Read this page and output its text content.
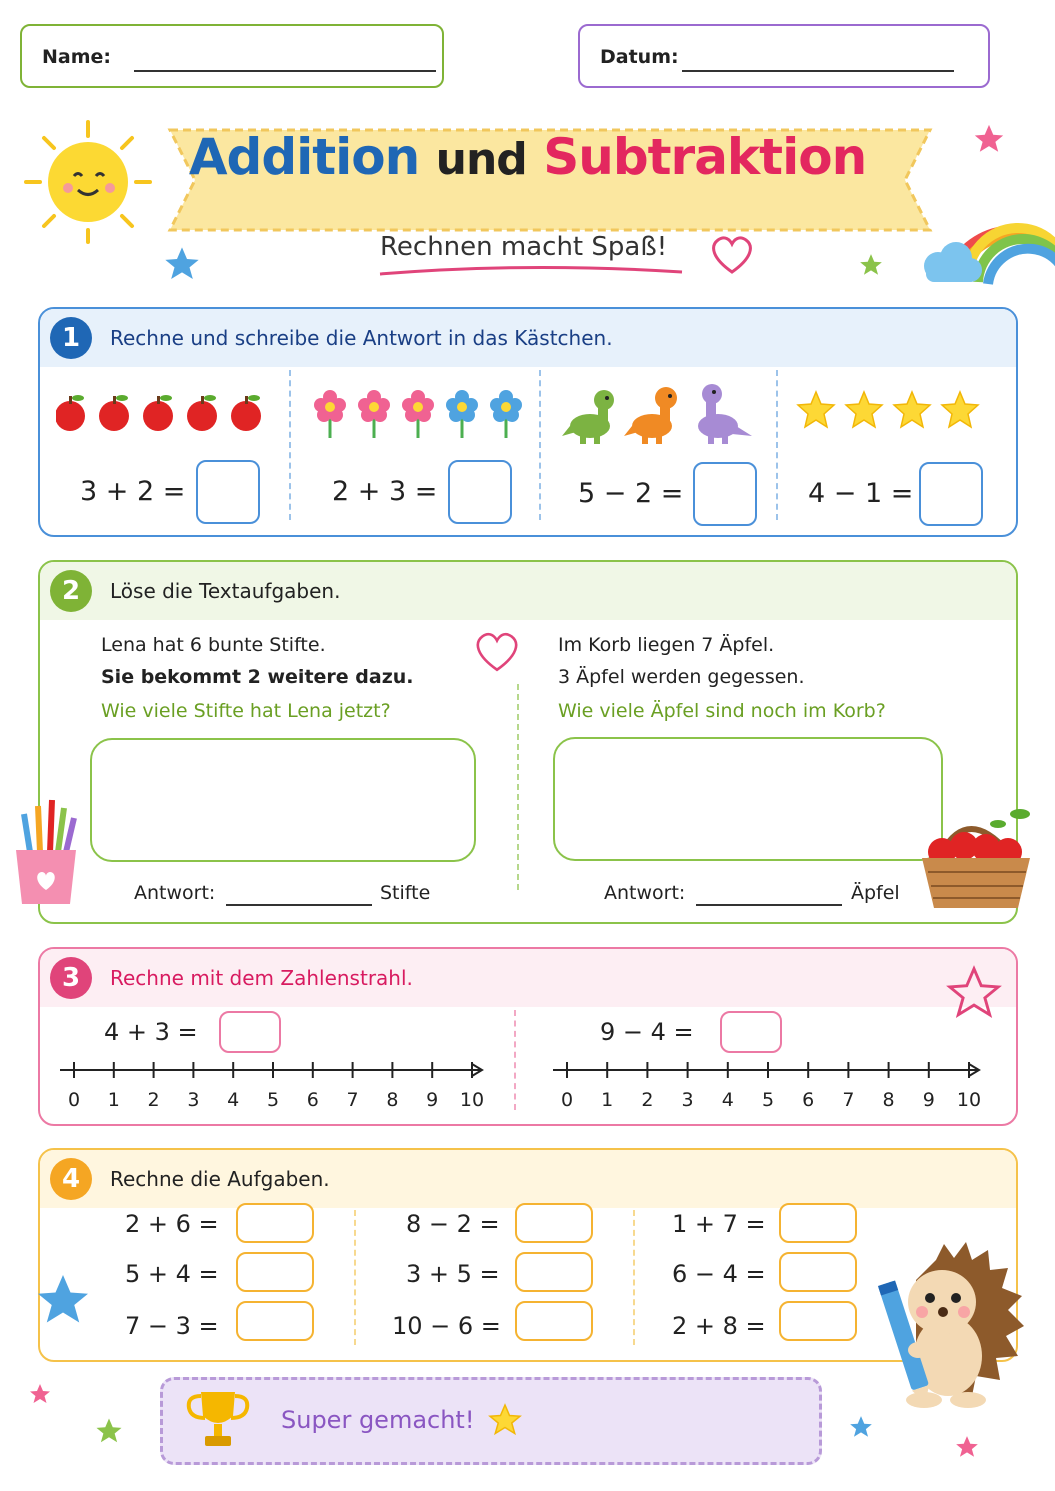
Name:	Datum:
Addition und Subtraktion
Rechnen macht Spaß!
1	Rechne und schreibe die Antwort in das Kästchen.
3 + 2 =	2 + 3 =	5 − 2 =	4 − 1 =
2	Löse die Textaufgaben.
Lena hat 6 bunte Stifte.
Sie bekommt 2 weitere dazu.
Wie viele Stifte hat Lena jetzt?
Antwort:	Stifte
Im Korb liegen 7 Äpfel.
3 Äpfel werden gegessen.
Wie viele Äpfel sind noch im Korb?
Antwort:	Äpfel
3	Rechne mit dem Zahlenstrahl.
4 + 3 =	9 − 4 =
0 1 2 3 4 5 6 7 8 9 10	0 1 2 3 4 5 6 7 8 9 10
4	Rechne die Aufgaben.
2 + 6 =
5 + 4 =
7 − 3 =
8 − 2 =
3 + 5 =
10 − 6 =
1 + 7 =
6 − 4 =
2 + 8 =
Super gemacht!
